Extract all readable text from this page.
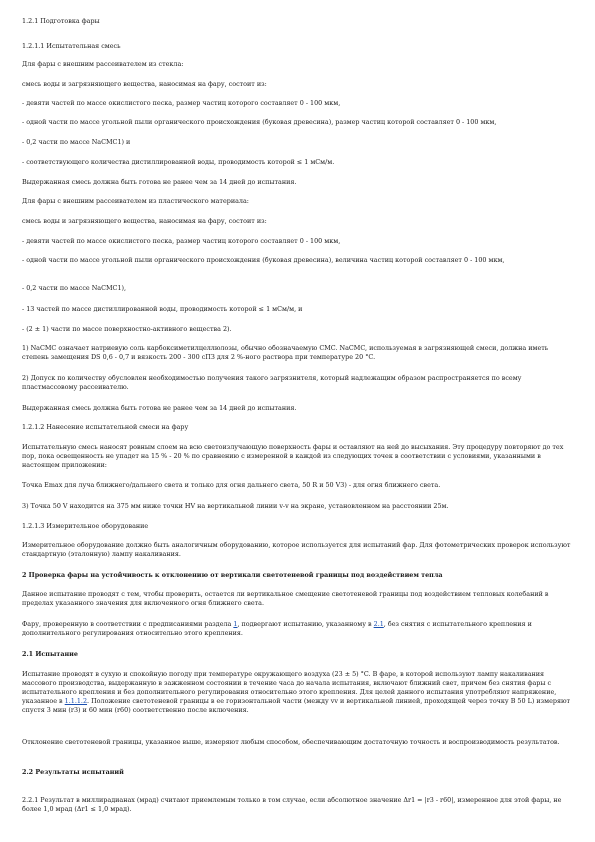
1.2.1 Подготовка фары

1.2.1.1 Испытательная смесь

Для фары с внешним рассеивателем из стекла:

смесь воды и загрязняющего вещества, наносимая на фару, состоит из:

- девяти частей по массе окислистого песка, размер частиц которого составляет 0 - 100 мкм,

- одной части по массе угольной пыли органического происхождения (буковая древесина), размер частиц которой составляет 0 - 100 мкм,

- 0,2 части по массе NaCMC1) и

- соответствующего количества дистиллированной воды, проводимость которой ≤ 1 мСм/м.

Выдержанная смесь должна быть готова не ранее чем за 14 дней до испытания.

Для фары с внешним рассеивателем из пластического материала:

смесь воды и загрязняющего вещества, наносимая на фару, состоит из:

- девяти частей по массе окислистого песка, размер частиц которого составляет 0 - 100 мкм,

- одной части по массе угольной пыли органического происхождения (буковая древесина), величина частиц которой составляет 0 - 100 мкм,

- 0,2 части по массе NaCMC1),

- 13 частей по массе дистиллированной воды, проводимость которой ≤ 1 мСм/м, и

- (2 ± 1) части по массе поверхностно-активного вещества 2).

1) NaCMC означает натриевую соль карбоксиметилцеллюлозы, обычно обозначаемую CMC. NaCMC, используемая в загрязняющей смеси, должна иметь степень замещения DS 0,6 - 0,7 и вязкость 200 - 300 сПЗ для 2 %-ного раствора при температуре 20 °C.

2) Допуск по количеству обусловлен необходимостью получения такого загрязнителя, который надлежащим образом распространяется по всему пластмассовому рассеивателю.

Выдержанная смесь должна быть готова не ранее чем за 14 дней до испытания.

1.2.1.2 Нанесение испытательной смеси на фару

Испытательную смесь наносят ровным слоем на всю светоизлучающую поверхность фары и оставляют на ней до высыхания. Эту процедуру повторяют до тех пор, пока освещенность не упадет на 15 % - 20 % по сравнению с измеренной в каждой из следующих точек в соответствии с условиями, указанными в настоящем приложении:

Точка Emax для луча ближнего/дальнего света и только для огня дальнего света, 50 R и 50 V3) - для огня ближнего света.

3) Точка 50 V находится на 375 мм ниже точки HV на вертикальной линии v-v на экране, установленном на расстоянии 25м.

1.2.1.3 Измерительное оборудование

Измерительное оборудование должно быть аналогичным оборудованию, которое используется для испытаний фар. Для фотометрических проверок используют стандартную (эталонную) лампу накаливания.

2 Проверка фары на устойчивость к отклонению от вертикали светотеневой границы под воздействием тепла

Данное испытание проводят с тем, чтобы проверить, остается ли вертикальное смещение светотеневой границы под воздействием тепловых колебаний в пределах указанного значения для включенного огня ближнего света.

Фару, проверенную в соответствии с предписаниями раздела 1, подвергают испытанию, указанному в 2.1, без снятия с испытательного крепления и дополнительного регулирования относительно этого крепления.

2.1 Испытание

Испытание проводят в сухую и спокойную погоду при температуре окружающего воздуха (23 ± 5) °C. В фаре, в которой используют лампу накаливания массового производства, выдержанную в зажженном состоянии в течение часа до начала испытания, включают ближний свет, причем без снятия фары с испытательного крепления и без дополнительного регулирования относительно этого крепления. Для целей данного испытания употребляют напряжение, указанное в 1.1.1.2. Положение светотеневой границы в ее горизонтальной части (между vv и вертикальной линией, проходящей через точку B 50 L) измеряют спустя 3 мин (r3) и 60 мин (r60) соответственно после включения.

Отклонение светотеневой границы, указанное выше, измеряют любым способом, обеспечивающим достаточную точность и воспроизводимость результатов.

2.2 Результаты испытаний

2.2.1 Результат в миллирадианах (мрад) считают приемлемым только в том случае, если абсолютное значение Δr1 = |r3 - r60|, измеренное для этой фары, не более 1,0 мрад (Δr1 ≤ 1,0 мрад).
